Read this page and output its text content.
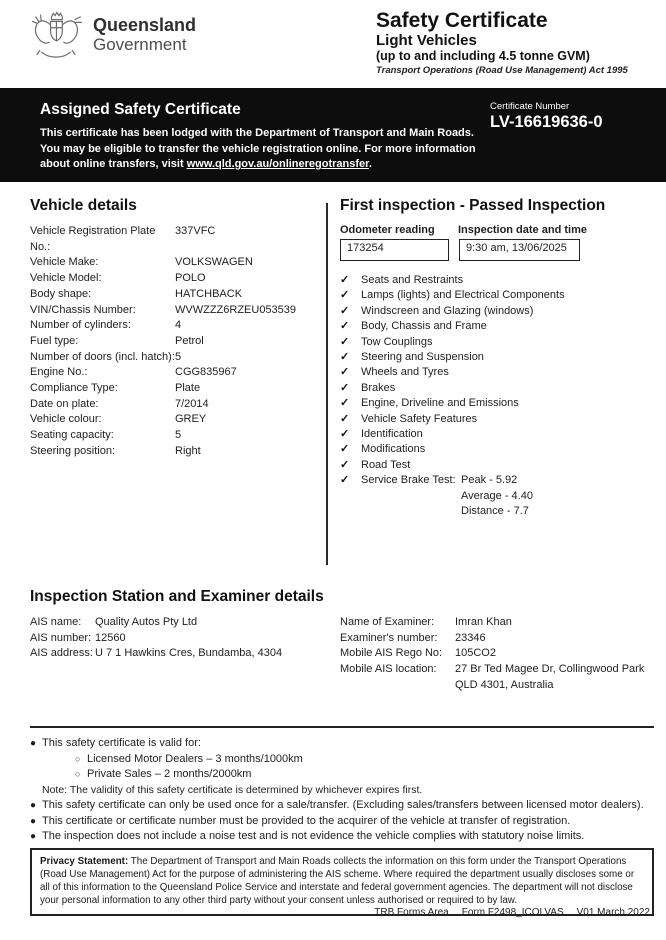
Queensland
Government
Safety Certificate
Light Vehicles
(up to and including 4.5 tonne GVM)
Transport Operations (Road Use Management) Act 1995
Assigned Safety Certificate
This certificate has been lodged with the Department of Transport and Main Roads. You may be eligible to transfer the vehicle registration online. For more information about online transfers, visit www.qld.gov.au/onlineregotransfer.
Certificate Number
LV-16619636-0
Vehicle details
Vehicle Registration Plate No.:
337VFC
Vehicle Make:	VOLKSWAGEN
Vehicle Model:	POLO
Body shape:	HATCHBACK
VIN/Chassis Number:	WVWZZZ6RZEU053539
Number of cylinders:	4
Fuel type:	Petrol
Number of doors (incl. hatch): 5
Engine No.:	CGG835967
Compliance Type:	Plate
Date on plate:	7/2014
Vehicle colour:	GREY
Seating capacity:	5
Steering position:	Right
First inspection - Passed Inspection
Odometer reading	Inspection date and time
173254	9:30 am, 13/06/2025
✓	Seats and Restraints
✓	Lamps (lights) and Electrical Components
✓	Windscreen and Glazing (windows)
✓	Body, Chassis and Frame
✓	Tow Couplings
✓	Steering and Suspension
✓	Wheels and Tyres
✓	Brakes
✓	Engine, Driveline and Emissions
✓	Vehicle Safety Features
✓	Identification
✓	Modifications
✓	Road Test
✓	Service Brake Test: Peak - 5.92
Average - 4.40
Distance - 7.7
Inspection Station and Examiner details
AIS name:	Quality Autos Pty Ltd
AIS number: 12560
AIS address: U 7 1 Hawkins Cres, Bundamba, 4304
Name of Examiner:	Imran Khan
Examiner's number:	23346
Mobile AIS Rego No:	105CO2
Mobile AIS location:	27 Br Ted Magee Dr, Collingwood Park QLD 4301, Australia
● This safety certificate is valid for:
○ Licensed Motor Dealers – 3 months/1000km
○ Private Sales – 2 months/2000km
Note: The validity of this safety certificate is determined by whichever expires first.
● This safety certificate can only be used once for a sale/transfer. (Excluding sales/transfers between licensed motor dealers).
● This certificate or certificate number must be provided to the acquirer of the vehicle at transfer of registration.
● The inspection does not include a noise test and is not evidence the vehicle complies with statutory noise limits.
Privacy Statement: The Department of Transport and Main Roads collects the information on this form under the Transport Operations (Road Use Management) Act for the purpose of administering the AIS scheme. Where required the department usually discloses some or all of this information to the Queensland Police Service and interstate and federal government agencies. The department will not disclose your personal information to any other third party without your consent unless authorised or required to by law.
TRB Forms Area Form F2498_ICOLVAS V01 March 2022
